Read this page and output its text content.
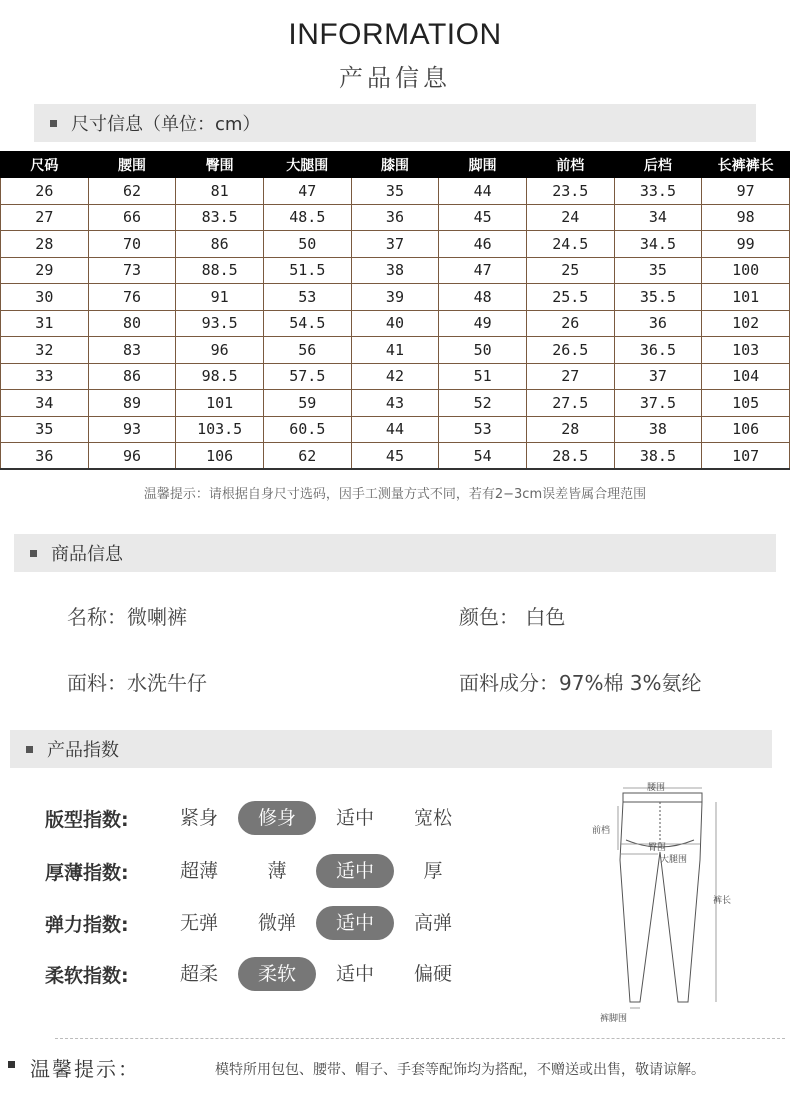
INFORMATION
产品信息
尺寸信息（单位：cm）
尺码	腰围	臀围	大腿围	膝围	脚围	前档	后档	长裤裤长
26	62	81	47	35	44	23.5	33.5	97
27	66	83.5	48.5	36	45	24	34	98
28	70	86	50	37	46	24.5	34.5	99
29	73	88.5	51.5	38	47	25	35	100
30	76	91	53	39	48	25.5	35.5	101
31	80	93.5	54.5	40	49	26	36	102
32	83	96	56	41	50	26.5	36.5	103
33	86	98.5	57.5	42	51	27	37	104
34	89	101	59	43	52	27.5	37.5	105
35	93	103.5	60.5	44	53	28	38	106
36	96	106	62	45	54	28.5	38.5	107
温馨提示：请根据自身尺寸选码，因手工测量方式不同，若有2−3cm误差皆属合理范围
商品信息
名称：微喇裤	颜色： 白色
面料：水洗牛仔	面料成分：97%棉 3%氨纶
产品指数
版型指数:	紧身	修身	适中	宽松
厚薄指数:	超薄	薄	适中	厚
弹力指数:	无弹	微弹	适中	高弹
柔软指数:	超柔	柔软	适中	偏硬
腰围
前档
臀围
大腿围
裤长
裤脚围
温馨提示：	模特所用包包、腰带、帽子、手套等配饰均为搭配，不赠送或出售，敬请谅解。
